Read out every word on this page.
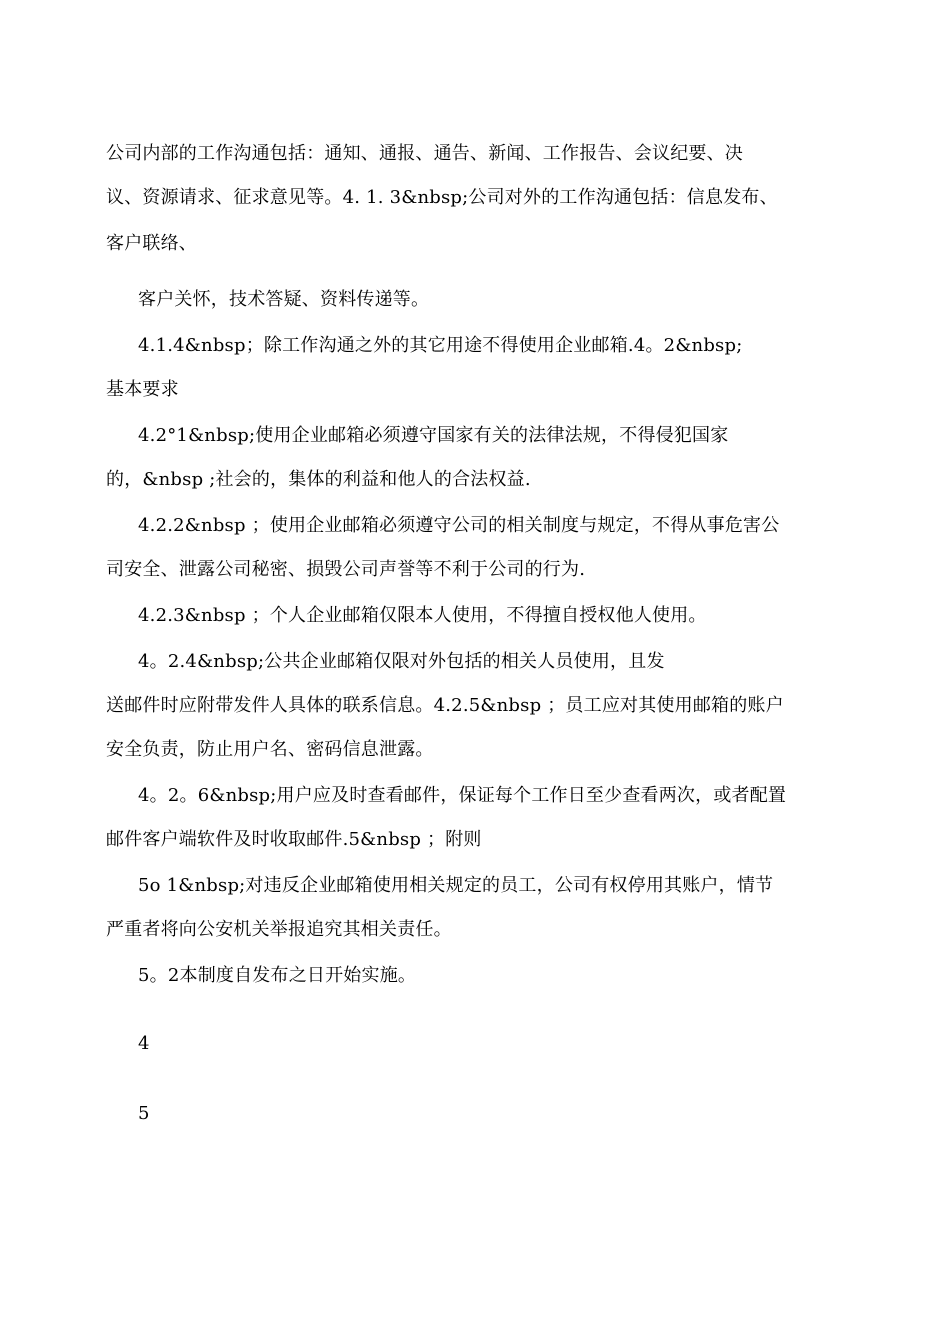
公司内部的工作沟通包括：通知、通报、通告、新闻、工作报告、会议纪要、决
议、资源请求、征求意见等。4. 1. 3&nbsp;公司对外的工作沟通包括：信息发布、
客户联络、
客户关怀，技术答疑、资料传递等。
4.1.4&nbsp；除工作沟通之外的其它用途不得使用企业邮箱.4。2&nbsp;
基本要求
4.2°1&nbsp;使用企业邮箱必须遵守国家有关的法律法规，不得侵犯国家
的，&nbsp ;社会的，集体的利益和他人的合法权益.
4.2.2&nbsp ；使用企业邮箱必须遵守公司的相关制度与规定，不得从事危害公
司安全、泄露公司秘密、损毁公司声誉等不利于公司的行为.
4.2.3&nbsp ；个人企业邮箱仅限本人使用，不得擅自授权他人使用。
4。2.4&nbsp;公共企业邮箱仅限对外包括的相关人员使用，且发
送邮件时应附带发件人具体的联系信息。4.2.5&nbsp ；员工应对其使用邮箱的账户
安全负责，防止用户名、密码信息泄露。
4。2。6&nbsp;用户应及时查看邮件，保证每个工作日至少查看两次，或者配置
邮件客户端软件及时收取邮件.5&nbsp ；附则
5o 1&nbsp;对违反企业邮箱使用相关规定的员工，公司有权停用其账户，情节
严重者将向公安机关举报追究其相关责任。
5。2本制度自发布之日开始实施。
4
5
